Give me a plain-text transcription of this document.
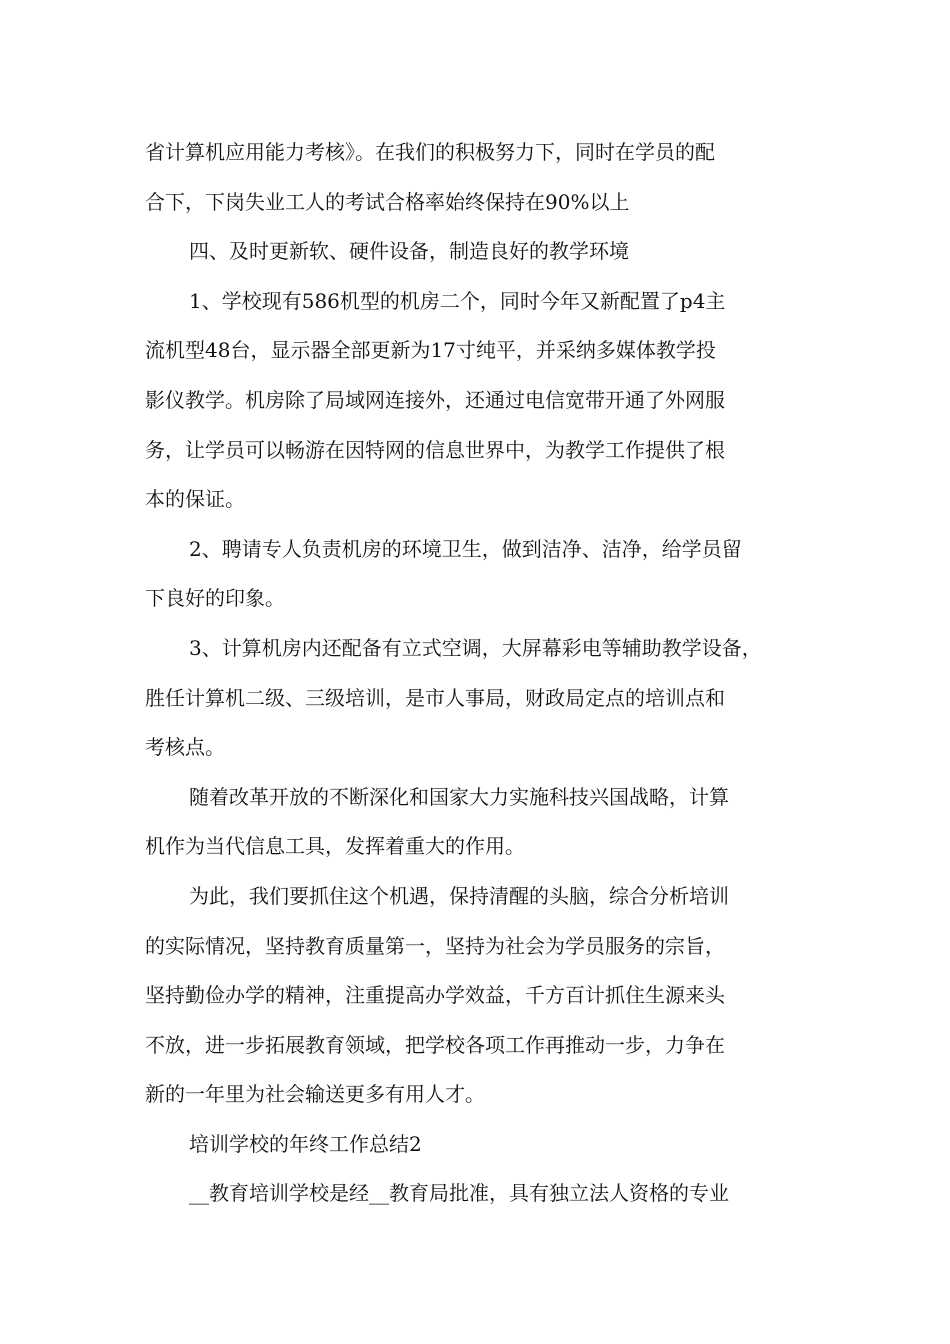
省计算机应用能力考核》。在我们的积极努力下，同时在学员的配
合下，下岗失业工人的考试合格率始终保持在90%以上
四、及时更新软、硬件设备，制造良好的教学环境
1、学校现有586机型的机房二个，同时今年又新配置了p4主
流机型48台，显示器全部更新为17寸纯平，并采纳多媒体教学投
影仪教学。机房除了局域网连接外，还通过电信宽带开通了外网服
务，让学员可以畅游在因特网的信息世界中，为教学工作提供了根
本的保证。
2、聘请专人负责机房的环境卫生，做到洁净、洁净，给学员留
下良好的印象。
3、计算机房内还配备有立式空调，大屏幕彩电等辅助教学设备，
胜任计算机二级、三级培训，是市人事局，财政局定点的培训点和
考核点。
随着改革开放的不断深化和国家大力实施科技兴国战略，计算
机作为当代信息工具，发挥着重大的作用。
为此，我们要抓住这个机遇，保持清醒的头脑，综合分析培训
的实际情况，坚持教育质量第一，坚持为社会为学员服务的宗旨，
坚持勤俭办学的精神，注重提高办学效益，千方百计抓住生源来头
不放，进一步拓展教育领域，把学校各项工作再推动一步，力争在
新的一年里为社会输送更多有用人才。
培训学校的年终工作总结2
__教育培训学校是经__教育局批准，具有独立法人资格的专业
